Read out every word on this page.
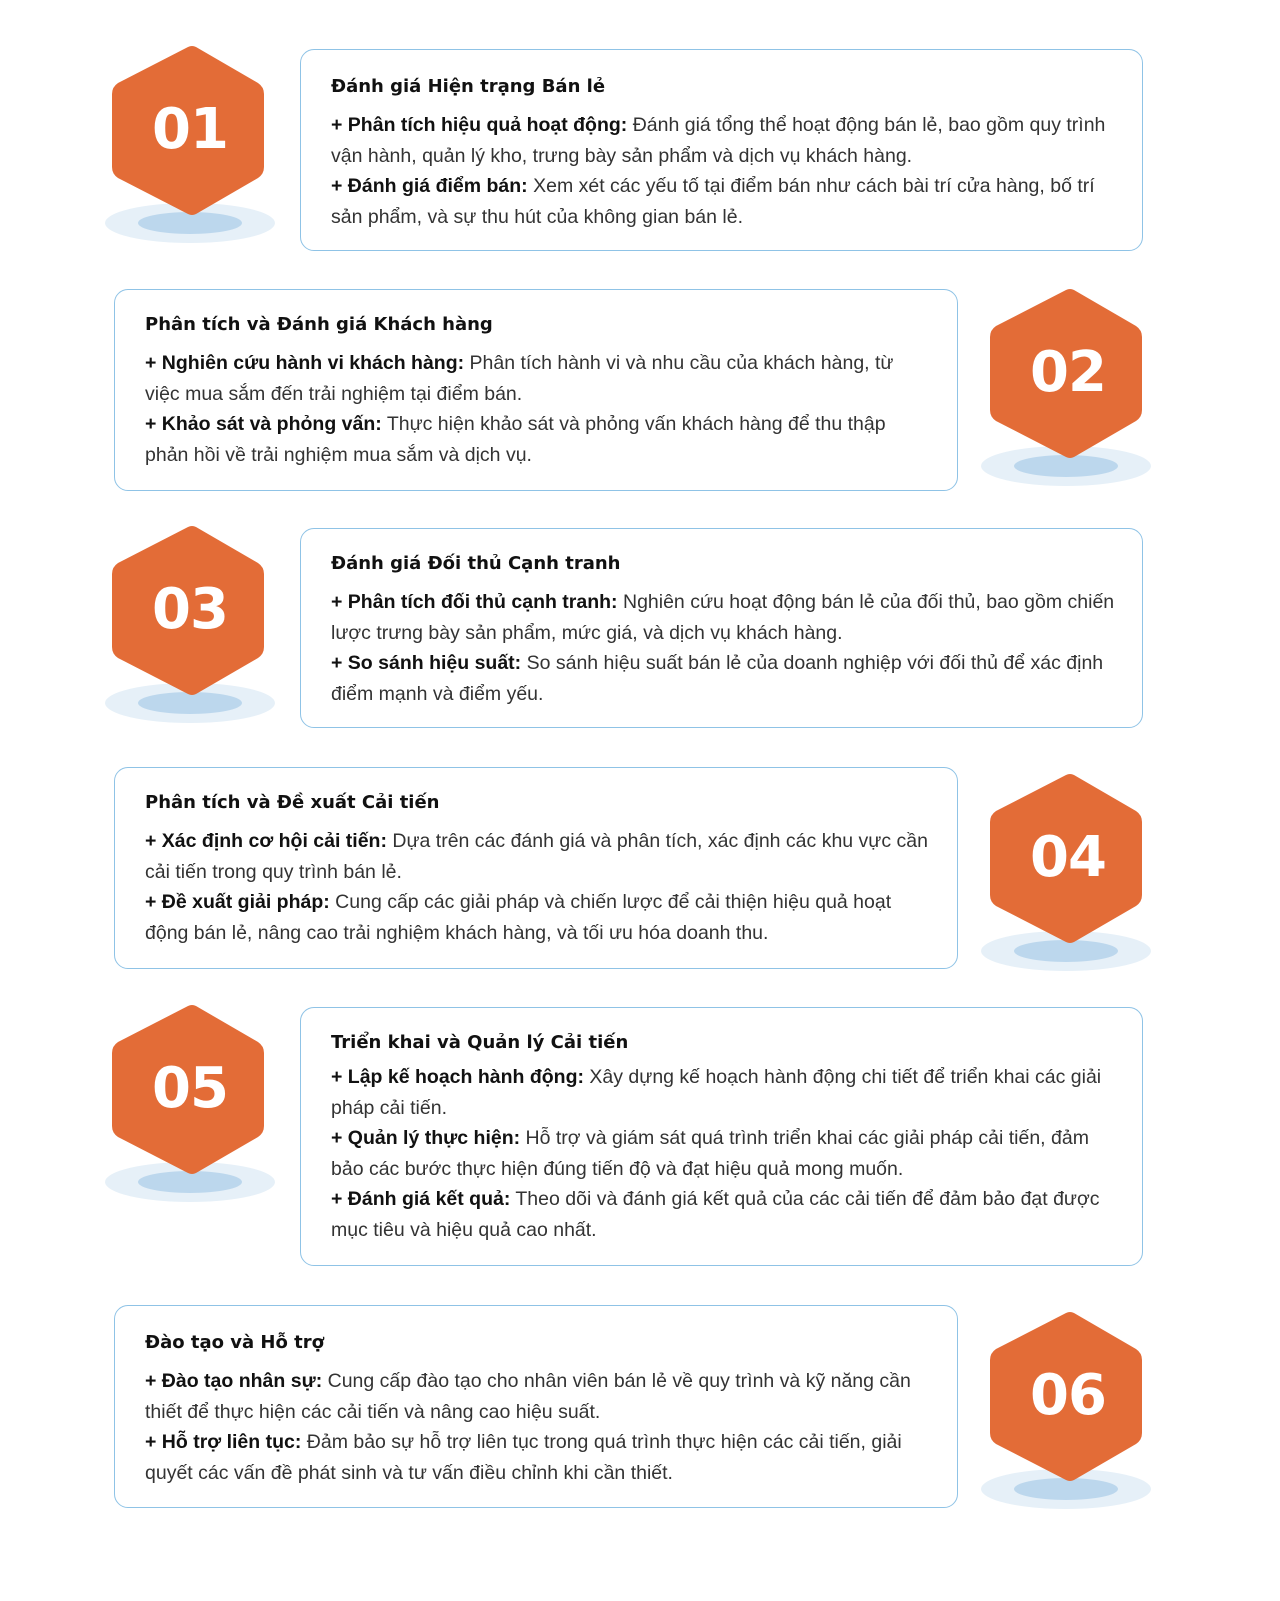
01
Đánh giá Hiện trạng Bán lẻ

+ Phân tích hiệu quả hoạt động: Đánh giá tổng thể hoạt động bán lẻ, bao gồm quy trình vận hành, quản lý kho, trưng bày sản phẩm và dịch vụ khách hàng.

+ Đánh giá điểm bán: Xem xét các yếu tố tại điểm bán như cách bài trí cửa hàng, bố trí sản phẩm, và sự thu hút của không gian bán lẻ.

Phân tích và Đánh giá Khách hàng

+ Nghiên cứu hành vi khách hàng: Phân tích hành vi và nhu cầu của khách hàng, từ việc mua sắm đến trải nghiệm tại điểm bán.

+ Khảo sát và phỏng vấn: Thực hiện khảo sát và phỏng vấn khách hàng để thu thập phản hồi về trải nghiệm mua sắm và dịch vụ.

02
03
Đánh giá Đối thủ Cạnh tranh

+ Phân tích đối thủ cạnh tranh: Nghiên cứu hoạt động bán lẻ của đối thủ, bao gồm chiến lược trưng bày sản phẩm, mức giá, và dịch vụ khách hàng.

+ So sánh hiệu suất: So sánh hiệu suất bán lẻ của doanh nghiệp với đối thủ để xác định điểm mạnh và điểm yếu.

Phân tích và Đề xuất Cải tiến

+ Xác định cơ hội cải tiến: Dựa trên các đánh giá và phân tích, xác định các khu vực cần cải tiến trong quy trình bán lẻ.

+ Đề xuất giải pháp: Cung cấp các giải pháp và chiến lược để cải thiện hiệu quả hoạt động bán lẻ, nâng cao trải nghiệm khách hàng, và tối ưu hóa doanh thu.

04
05
Triển khai và Quản lý Cải tiến

+ Lập kế hoạch hành động: Xây dựng kế hoạch hành động chi tiết để triển khai các giải pháp cải tiến.

+ Quản lý thực hiện: Hỗ trợ và giám sát quá trình triển khai các giải pháp cải tiến, đảm bảo các bước thực hiện đúng tiến độ và đạt hiệu quả mong muốn.

+ Đánh giá kết quả: Theo dõi và đánh giá kết quả của các cải tiến để đảm bảo đạt được mục tiêu và hiệu quả cao nhất.

Đào tạo và Hỗ trợ

+ Đào tạo nhân sự: Cung cấp đào tạo cho nhân viên bán lẻ về quy trình và kỹ năng cần thiết để thực hiện các cải tiến và nâng cao hiệu suất.

+ Hỗ trợ liên tục: Đảm bảo sự hỗ trợ liên tục trong quá trình thực hiện các cải tiến, giải quyết các vấn đề phát sinh và tư vấn điều chỉnh khi cần thiết.

06
